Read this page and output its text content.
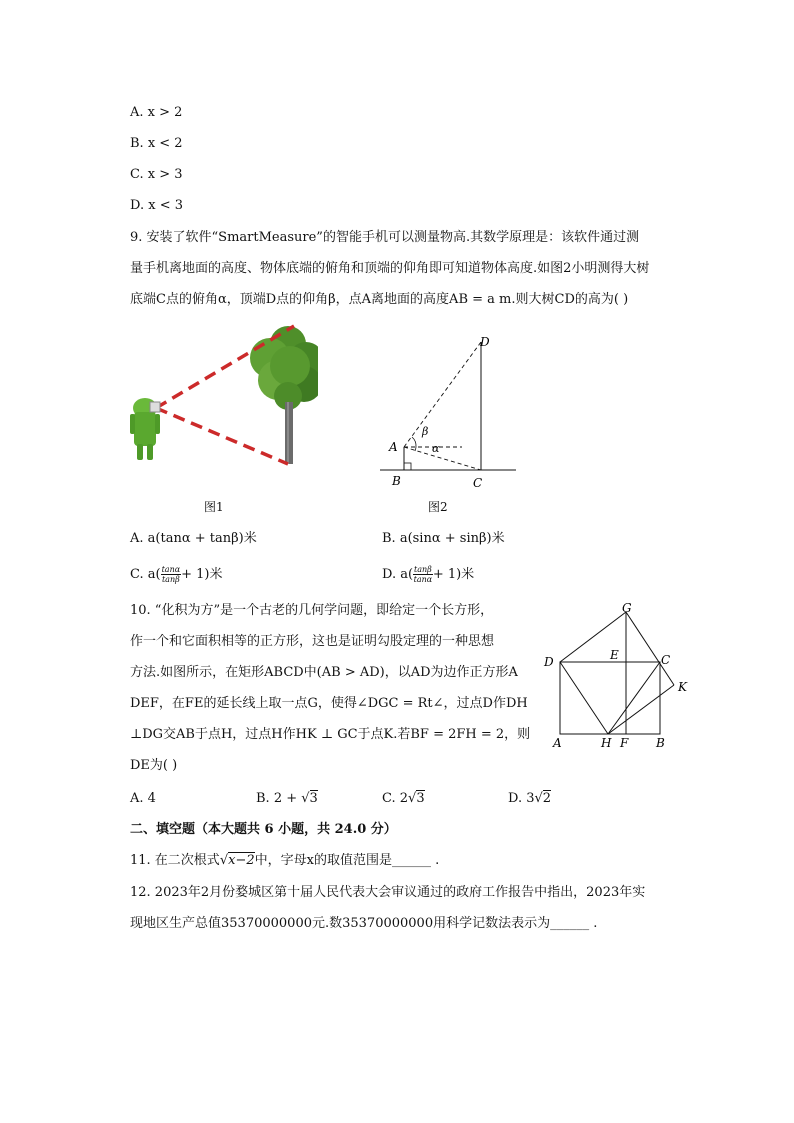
A. x > 2
B. x < 2
C. x > 3
D. x < 3
9. 安装了软件“SmartMeasure”的智能手机可以测量物高.其数学原理是：该软件通过测
量手机离地面的高度、物体底端的俯角和顶端的仰角即可知道物体高度.如图2小明测得大树
底端C点的俯角α，顶端D点的仰角β，点A离地面的高度AB = a m.则大树CD的高为( )
D
A
B	C
β
α
图1	图2
A. a(tanα + tanβ)米	B. a(sinα + sinβ)米
C. $a( \frac{\tan\alpha}{\tan\beta} + 1)$米	D. $a( \frac{\tan\beta}{\tan\alpha} + 1)$米
10. “化积为方”是一个古老的几何学问题，即给定一个长方形，
作一个和它面积相等的正方形，这也是证明勾股定理的一种思想
方法.如图所示，在矩形ABCD中(AB > AD)，以AD为边作正方形A
DEF，在FE的延长线上取一点G，使得∠DGC = Rt∠，过点D作DH
⊥DG交AB于点H，过点H作HK ⊥ GC于点K.若BF = 2FH = 2，则
DE为( )
G
D	E	C
K
A	H F B
A. 4	B. 2 + √3	C. 2√3	D. 3√2
二、填空题（本大题共 6 小题，共 24.0 分）
11. 在二次根式√x−2中，字母x的取值范围是______ .
12. 2023年2月份婺城区第十届人民代表大会审议通过的政府工作报告中指出，2023年实
现地区生产总值35370000000元.数35370000000用科学记数法表示为______ .
